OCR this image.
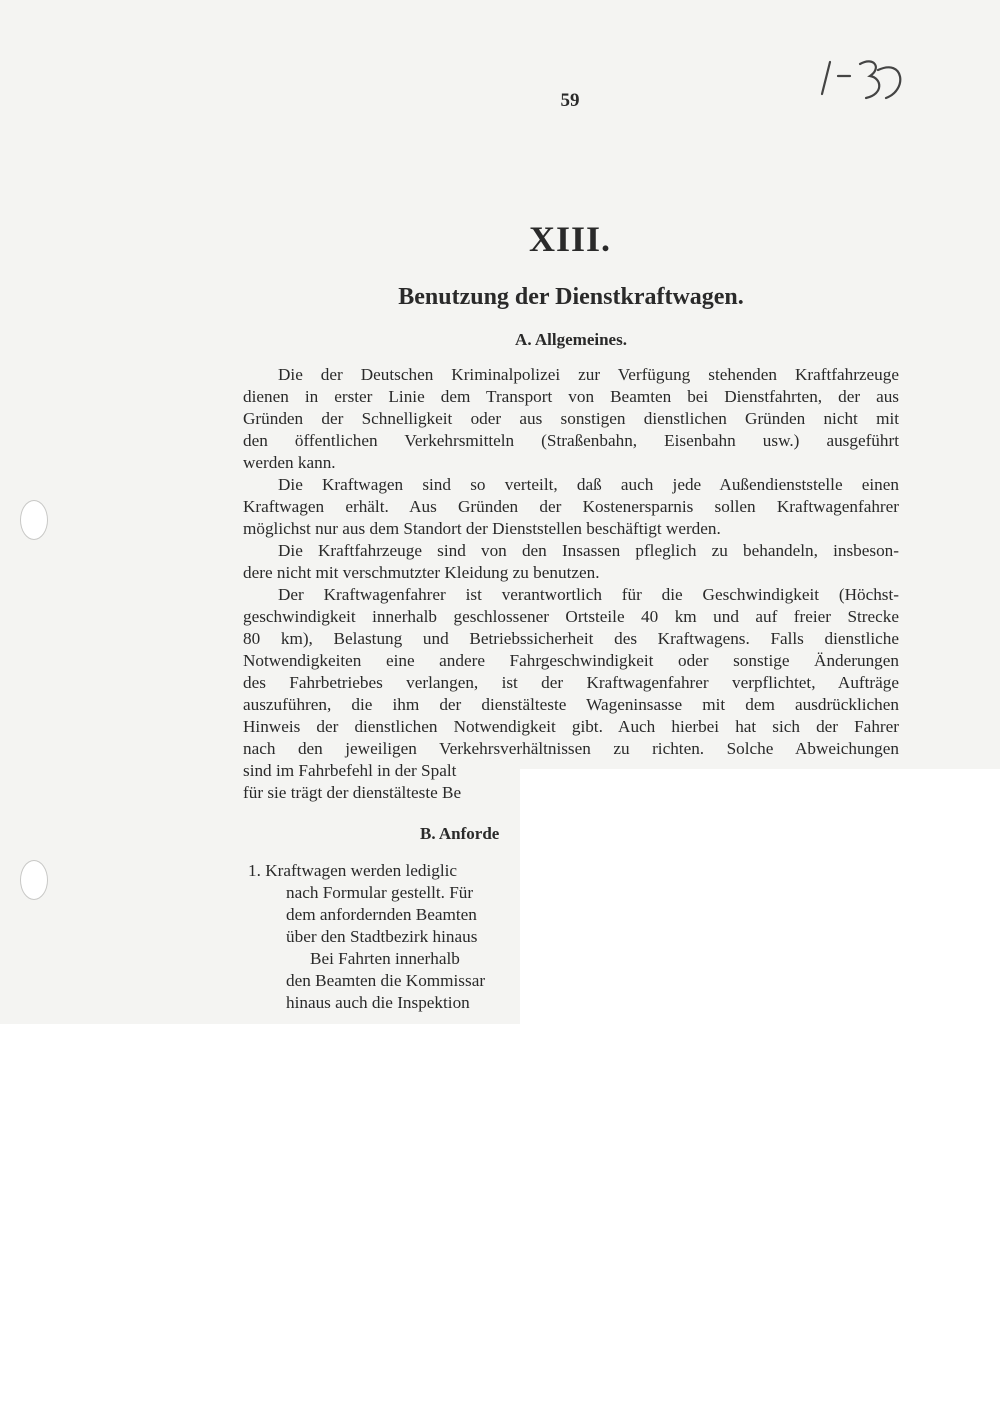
59
XIII.
Benutzung der Dienstkraftwagen.
A. Allgemeines.
Die der Deutschen Kriminalpolizei zur Verfügung stehenden Kraftfahrzeuge
dienen in erster Linie dem Transport von Beamten bei Dienstfahrten, der aus
Gründen der Schnelligkeit oder aus sonstigen dienstlichen Gründen nicht mit
den öffentlichen Verkehrsmitteln (Straßenbahn, Eisenbahn usw.) ausgeführt
werden kann.
Die Kraftwagen sind so verteilt, daß auch jede Außendienststelle einen
Kraftwagen erhält. Aus Gründen der Kostenersparnis sollen Kraftwagenfahrer
möglichst nur aus dem Standort der Dienststellen beschäftigt werden.
Die Kraftfahrzeuge sind von den Insassen pfleglich zu behandeln, insbeson-
dere nicht mit verschmutzter Kleidung zu benutzen.
Der Kraftwagenfahrer ist verantwortlich für die Geschwindigkeit (Höchst-
geschwindigkeit innerhalb geschlossener Ortsteile 40 km und auf freier Strecke
80 km), Belastung und Betriebssicherheit des Kraftwagens. Falls dienstliche
Notwendigkeiten eine andere Fahrgeschwindigkeit oder sonstige Änderungen
des Fahrbetriebes verlangen, ist der Kraftwagenfahrer verpflichtet, Aufträge
auszuführen, die ihm der dienstälteste Wageninsasse mit dem ausdrücklichen
Hinweis der dienstlichen Notwendigkeit gibt. Auch hierbei hat sich der Fahrer
nach den jeweiligen Verkehrsverhältnissen zu richten. Solche Abweichungen
sind im Fahrbefehl in der Spalt
für sie trägt der dienstälteste Be
B. Anforde
1. Kraftwagen werden lediglic
nach Formular gestellt. Für
dem anfordernden Beamten
über den Stadtbezirk hinaus
Bei Fahrten innerhalb
den Beamten die Kommissar
hinaus auch die Inspektion
